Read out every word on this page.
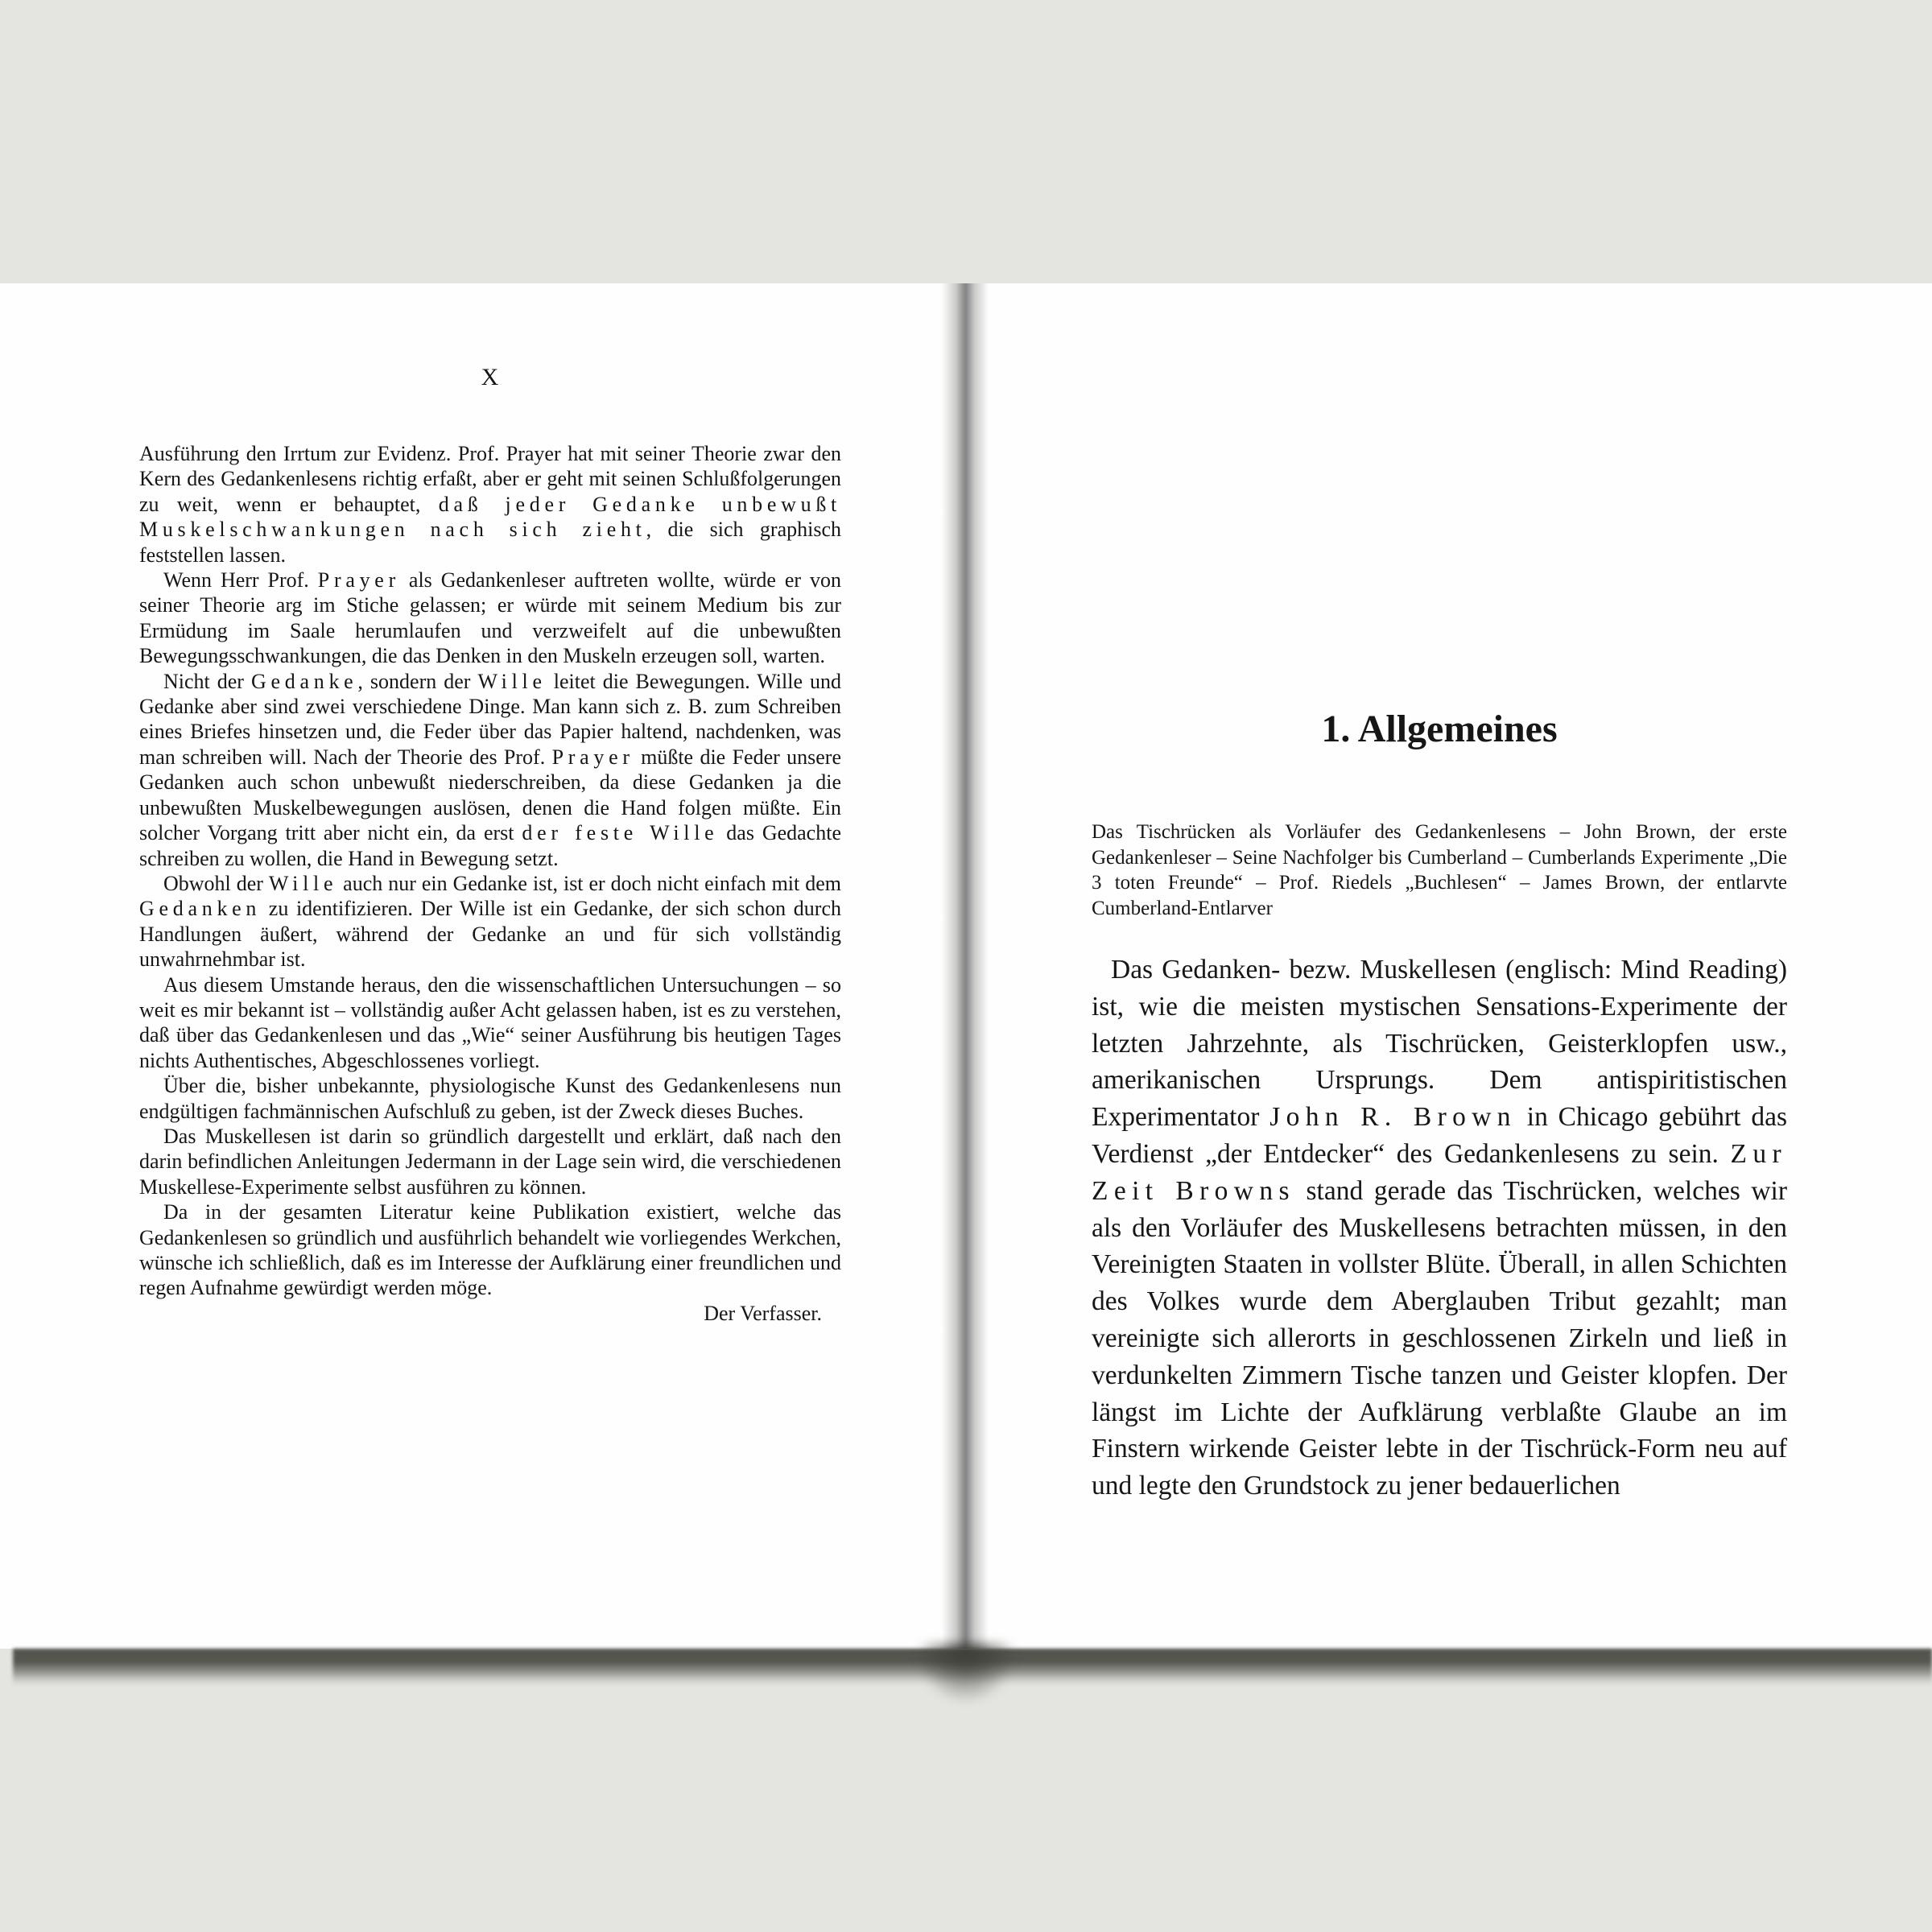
X

Ausführung den Irrtum zur Evidenz. Prof. Prayer hat mit seiner Theorie zwar den Kern des Gedankenlesens richtig erfaßt, aber er geht mit seinen Schlußfolgerungen zu weit, wenn er behauptet, daß jeder Gedanke unbewußt Muskelschwankungen nach sich zieht, die sich graphisch feststellen lassen.

Wenn Herr Prof. Prayer als Gedankenleser auftreten wollte, würde er von seiner Theorie arg im Stiche gelassen; er würde mit seinem Medium bis zur Ermüdung im Saale herumlaufen und verzweifelt auf die unbewußten Bewegungsschwankungen, die das Denken in den Muskeln erzeugen soll, warten.

Nicht der Gedanke, sondern der Wille leitet die Bewegungen. Wille und Gedanke aber sind zwei verschiedene Dinge. Man kann sich z. B. zum Schreiben eines Briefes hinsetzen und, die Feder über das Papier haltend, nachdenken, was man schreiben will. Nach der Theorie des Prof. Prayer müßte die Feder unsere Gedanken auch schon unbewußt niederschreiben, da diese Gedanken ja die unbewußten Muskelbewegungen auslösen, denen die Hand folgen müßte. Ein solcher Vorgang tritt aber nicht ein, da erst der feste Wille das Gedachte schreiben zu wollen, die Hand in Bewegung setzt.

Obwohl der Wille auch nur ein Gedanke ist, ist er doch nicht einfach mit dem Gedanken zu identifizieren. Der Wille ist ein Gedanke, der sich schon durch Handlungen äußert, während der Gedanke an und für sich vollständig unwahrnehmbar ist.

Aus diesem Umstande heraus, den die wissenschaftlichen Untersuchungen – so weit es mir bekannt ist – vollständig außer Acht gelassen haben, ist es zu verstehen, daß über das Gedankenlesen und das „Wie“ seiner Ausführung bis heutigen Tages nichts Authentisches, Abgeschlossenes vorliegt.

Über die, bisher unbekannte, physiologische Kunst des Gedankenlesens nun endgültigen fachmännischen Aufschluß zu geben, ist der Zweck dieses Buches.

Das Muskellesen ist darin so gründlich dargestellt und erklärt, daß nach den darin befindlichen Anleitungen Jedermann in der Lage sein wird, die verschiedenen Muskellese-Experimente selbst ausführen zu können.

Da in der gesamten Literatur keine Publikation existiert, welche das Gedankenlesen so gründlich und ausführlich behandelt wie vorliegendes Werkchen, wünsche ich schließlich, daß es im Interesse der Aufklärung einer freundlichen und regen Aufnahme gewürdigt werden möge.

Der Verfasser.

1. Allgemeines

Das Tischrücken als Vorläufer des Gedankenlesens – John Brown, der erste Gedankenleser – Seine Nachfolger bis Cumberland – Cumberlands Experimente „Die 3 toten Freunde“ – Prof. Riedels „Buchlesen“ – James Brown, der entlarvte Cumberland-Entlarver

Das Gedanken- bezw. Muskellesen (englisch: Mind Reading) ist, wie die meisten mystischen Sensations-Experimente der letzten Jahrzehnte, als Tischrücken, Geisterklopfen usw., amerikanischen Ursprungs. Dem antispiritistischen Experimentator John R. Brown in Chicago gebührt das Verdienst „der Entdecker“ des Gedankenlesens zu sein. Zur Zeit Browns stand gerade das Tischrücken, welches wir als den Vorläufer des Muskellesens betrachten müssen, in den Vereinigten Staaten in vollster Blüte. Überall, in allen Schichten des Volkes wurde dem Aberglauben Tribut gezahlt; man vereinigte sich allerorts in geschlossenen Zirkeln und ließ in verdunkelten Zimmern Tische tanzen und Geister klopfen. Der längst im Lichte der Aufklärung verblaßte Glaube an im Finstern wirkende Geister lebte in der Tischrück-Form neu auf und legte den Grundstock zu jener bedauerlichen
